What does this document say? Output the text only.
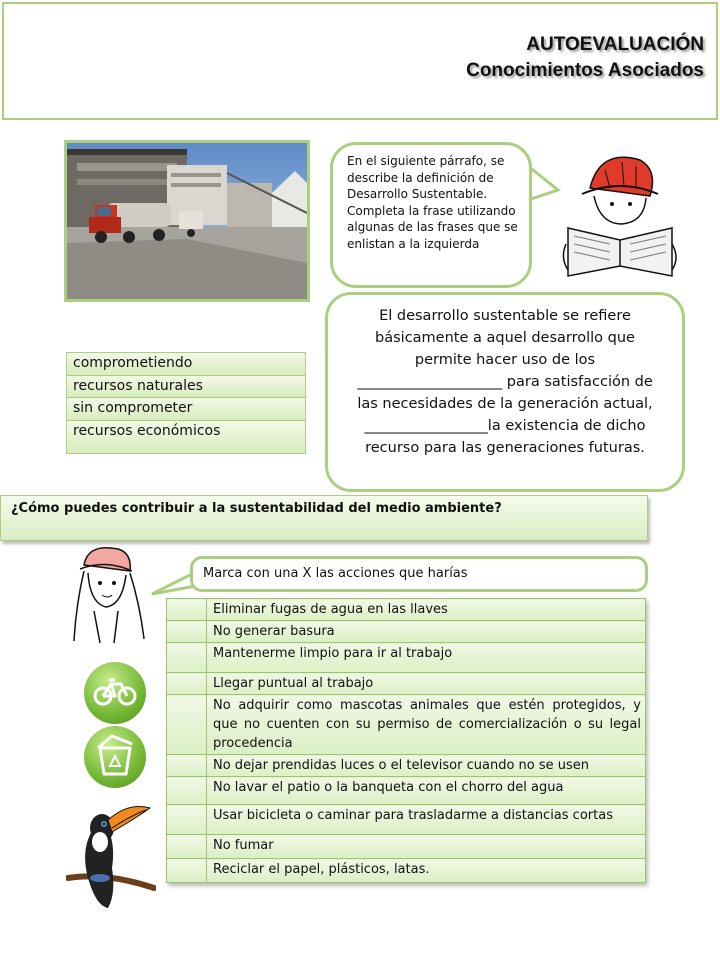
AUTOEVALUACIÓN
Conocimientos Asociados
En el siguiente párrafo, se describe la definición de Desarrollo Sustentable. Completa la frase utilizando algunas de las frases que se enlistan a la izquierda
El desarrollo sustentable se refiere básicamente a aquel desarrollo que permite hacer uso de los ____________________ para satisfacción de las necesidades de la generación actual, _________________la existencia de dicho recurso para las generaciones futuras.
comprometiendo
recursos naturales
sin comprometer
recursos económicos
¿Cómo puedes contribuir a la sustentabilidad del medio ambiente?
Marca con una X las acciones que harías
	Eliminar fugas de agua en las llaves
	No generar basura
	Mantenerme limpio para ir al trabajo
	Llegar puntual al trabajo
	No adquirir como mascotas animales que estén protegidos, y que no cuenten con su permiso de comercialización o su legal procedencia
	No dejar prendidas luces o el televisor cuando no se usen
	No lavar el patio o la banqueta con el chorro del agua
	Usar bicicleta o caminar para trasladarme a distancias cortas
	No fumar
	Reciclar el papel, plásticos, latas.
